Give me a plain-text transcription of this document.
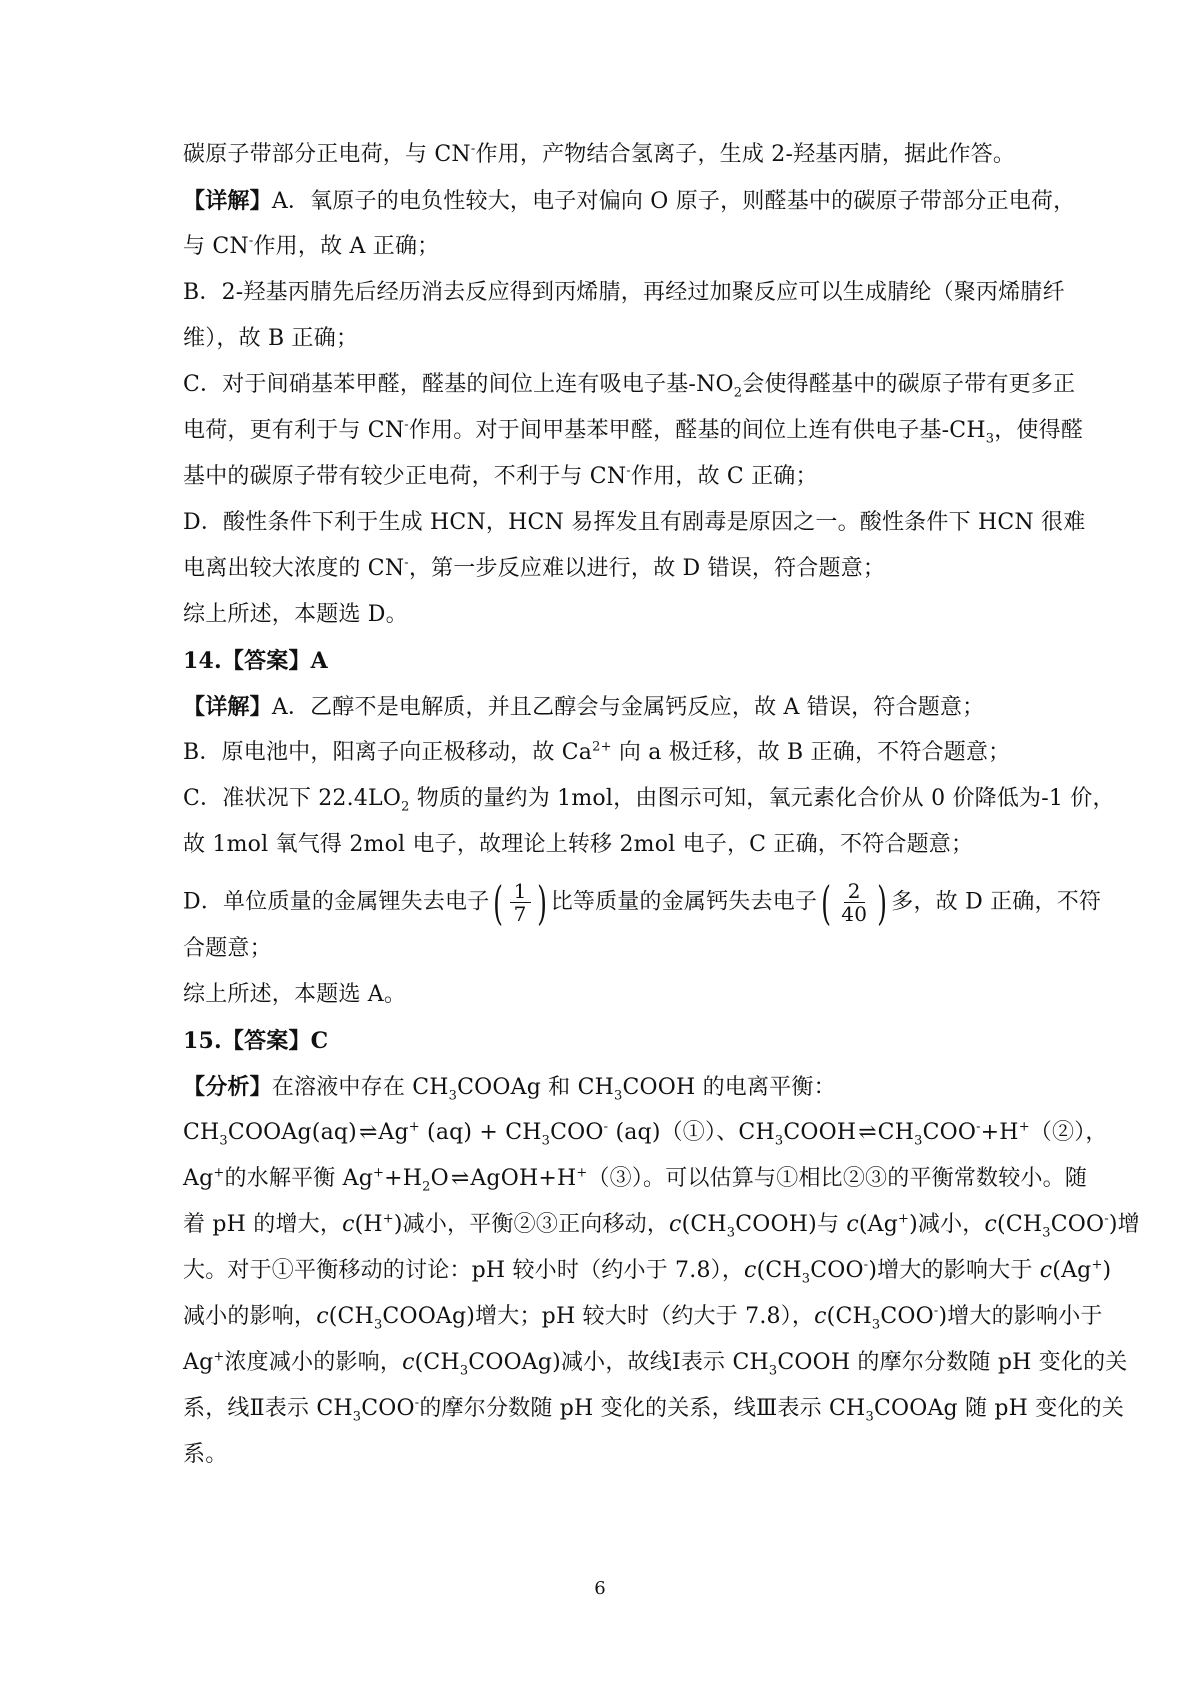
碳原子带部分正电荷，与 CN-作用，产物结合氢离子，生成 2-羟基丙腈，据此作答。
【详解】A．氧原子的电负性较大，电子对偏向 O 原子，则醛基中的碳原子带部分正电荷，
与 CN-作用，故 A 正确；
B．2-羟基丙腈先后经历消去反应得到丙烯腈，再经过加聚反应可以生成腈纶（聚丙烯腈纤
维），故 B 正确；
C．对于间硝基苯甲醛，醛基的间位上连有吸电子基$-NO_2$会使得醛基中的碳原子带有更多正
电荷，更有利于与 CN-作用。对于间甲基苯甲醛，醛基的间位上连有供电子基$-CH_3$，使得醛
基中的碳原子带有较少正电荷，不利于与 CN-作用，故 C 正确；
D．酸性条件下利于生成 HCN，HCN 易挥发且有剧毒是原因之一。酸性条件下 HCN 很难
电离出较大浓度的 CN-，第一步反应难以进行，故 D 错误，符合题意；
综上所述，本题选 D。
14.【答案】A
【详解】A．乙醇不是电解质，并且乙醇会与金属钙反应，故 A 错误，符合题意；
B．原电池中，阳离子向正极移动，故 $Ca^{2+}$ 向 a 极迁移，故 B 正确，不符合题意；
C．准状况下 $22.4LO_2$ 物质的量约为 1mol，由图示可知，氧元素化合价从 0 价降低为-1 价，
故 1mol 氧气得 2mol 电子，故理论上转移 2mol 电子，C 正确，不符合题意；
D．单位质量的金属锂失去电子( $\frac{1}{7}$ ) 比等质量的金属钙失去电子( $\frac{2}{40}$ ) 多，故 D 正确，不符
合题意；
综上所述，本题选 A。
15.【答案】C
【分析】在溶液中存在 $CH_3COOAg$ 和 $CH_3COOH$ 的电离平衡：
$CH_3COOAg(aq)\rightleftharpoons$ Ag+ $(aq) + CH_3COO^-$ (aq)（①）、$CH_3COOH\rightleftharpoons$ $CH_3COO^-+H^+(②)$，
Ag+的水解平衡 $Ag^++H_2O\rightleftharpoons$ AgOH+H+（③）。可以估算与①相比②③的平衡常数较小。随
着 pH 的增大，c(H+)减小，平衡②③正向移动，$c(CH_3COOH)$与 c(Ag+)减小，$c(CH_3COO^-)$增
大。对于①平衡移动的讨论：pH 较小时（约小于 7.8），$c(CH_3COO^-)$增大的影响大于 c(Ag+)
减小的影响，$c(CH_3COOAg)$增大；pH 较大时（约大于 7.8），$c(CH_3COO^-)$增大的影响小于
Ag+浓度减小的影响，$c(CH_3COOAg)$减小，故线Ⅰ表示 $CH_3COOH$ 的摩尔分数随 pH 变化的关
系，线Ⅱ表示 $CH_3COO^-$的摩尔分数随 pH 变化的关系，线Ⅲ表示 $CH_3COOAg$ 随 pH 变化的关
系。
6
